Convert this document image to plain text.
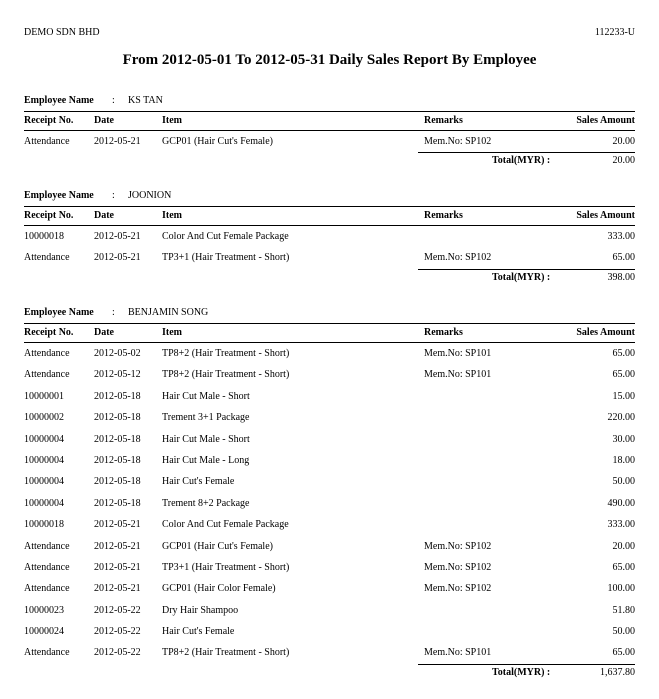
DEMO SDN BHD	112233-U
From 2012-05-01 To 2012-05-31 Daily Sales Report By Employee
Employee Name : KS TAN
Receipt No. Date	Item	Remarks	Sales Amount
Attendance 2012-05-21 GCP01 (Hair Cut's Female)	Mem.No: SP102	20.00
Total(MYR) :	20.00
Employee Name : JOONION
Receipt No. Date	Item	Remarks	Sales Amount
10000018	2012-05-21 Color And Cut Female Package	333.00
Attendance 2012-05-21 TP3+1 (Hair Treatment - Short)	Mem.No: SP102	65.00
Total(MYR) :	398.00
Employee Name : BENJAMIN SONG
Receipt No. Date	Item	Remarks	Sales Amount
Attendance 2012-05-02 TP8+2 (Hair Treatment - Short)	Mem.No: SP101	65.00
Attendance 2012-05-12 TP8+2 (Hair Treatment - Short)	Mem.No: SP101	65.00
10000001	2012-05-18 Hair Cut Male - Short	15.00
10000002	2012-05-18 Trement 3+1 Package	220.00
10000004	2012-05-18 Hair Cut Male - Short	30.00
10000004	2012-05-18 Hair Cut Male - Long	18.00
10000004	2012-05-18 Hair Cut's Female	50.00
10000004	2012-05-18 Trement 8+2 Package	490.00
10000018	2012-05-21 Color And Cut Female Package	333.00
Attendance 2012-05-21 GCP01 (Hair Cut's Female)	Mem.No: SP102	20.00
Attendance 2012-05-21 TP3+1 (Hair Treatment - Short)	Mem.No: SP102	65.00
Attendance 2012-05-21 GCP01 (Hair Color Female)	Mem.No: SP102	100.00
10000023	2012-05-22 Dry Hair Shampoo	51.80
10000024	2012-05-22 Hair Cut's Female	50.00
Attendance 2012-05-22 TP8+2 (Hair Treatment - Short)	Mem.No: SP101	65.00
Total(MYR) :	1,637.80
